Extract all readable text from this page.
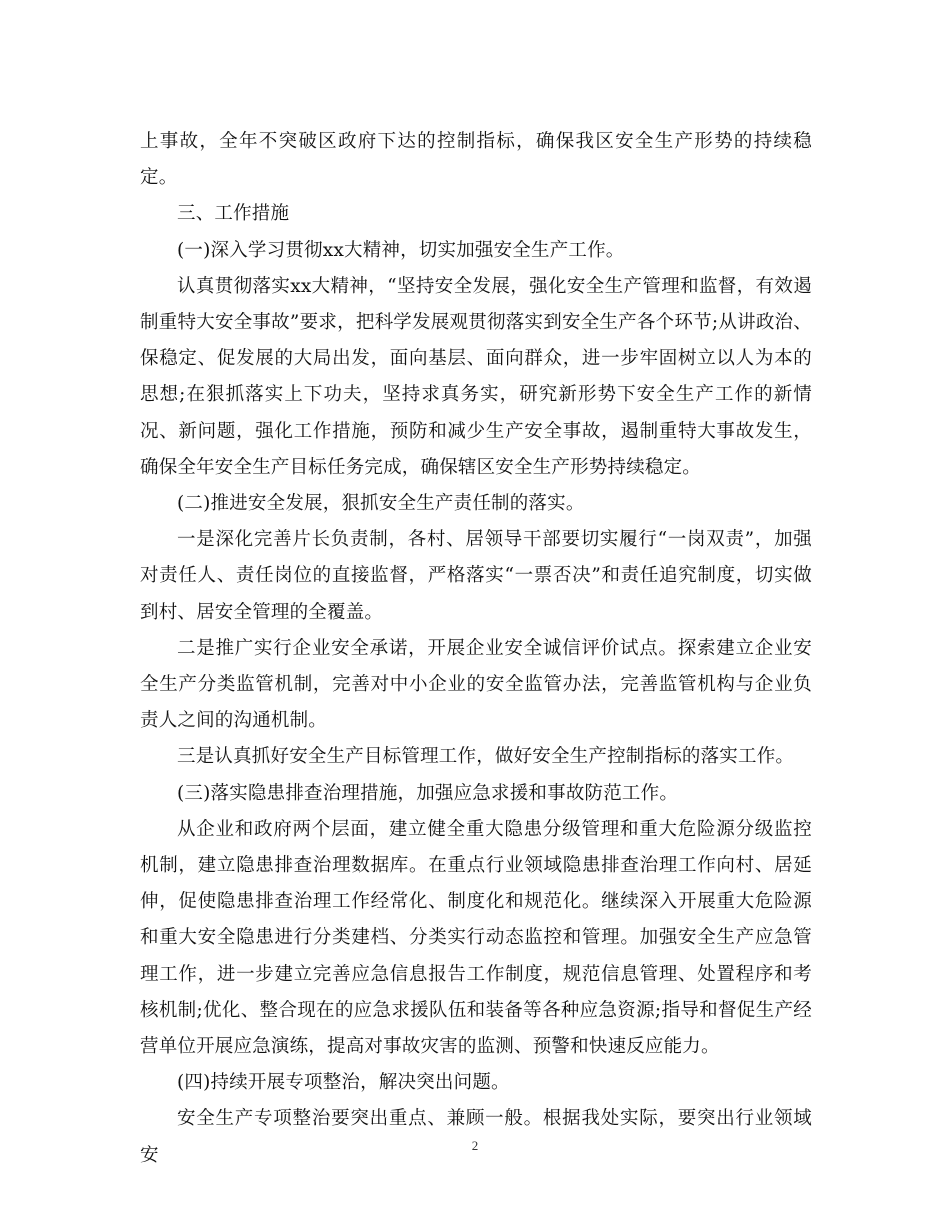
上事故，全年不突破区政府下达的控制指标，确保我区安全生产形势的持续稳定。

三、工作措施

(一)深入学习贯彻xx大精神，切实加强安全生产工作。

认真贯彻落实xx大精神，“坚持安全发展，强化安全生产管理和监督，有效遏制重特大安全事故”要求，把科学发展观贯彻落实到安全生产各个环节;从讲政治、保稳定、促发展的大局出发，面向基层、面向群众，进一步牢固树立以人为本的思想;在狠抓落实上下功夫，坚持求真务实，研究新形势下安全生产工作的新情况、新问题，强化工作措施，预防和减少生产安全事故，遏制重特大事故发生，确保全年安全生产目标任务完成，确保辖区安全生产形势持续稳定。

(二)推进安全发展，狠抓安全生产责任制的落实。

一是深化完善片长负责制，各村、居领导干部要切实履行“一岗双责”，加强对责任人、责任岗位的直接监督，严格落实“一票否决”和责任追究制度，切实做到村、居安全管理的全覆盖。

二是推广实行企业安全承诺，开展企业安全诚信评价试点。探索建立企业安全生产分类监管机制，完善对中小企业的安全监管办法，完善监管机构与企业负责人之间的沟通机制。

三是认真抓好安全生产目标管理工作，做好安全生产控制指标的落实工作。

(三)落实隐患排查治理措施，加强应急求援和事故防范工作。

从企业和政府两个层面，建立健全重大隐患分级管理和重大危险源分级监控机制，建立隐患排查治理数据库。在重点行业领域隐患排查治理工作向村、居延伸，促使隐患排查治理工作经常化、制度化和规范化。继续深入开展重大危险源和重大安全隐患进行分类建档、分类实行动态监控和管理。加强安全生产应急管理工作，进一步建立完善应急信息报告工作制度，规范信息管理、处置程序和考核机制;优化、整合现在的应急求援队伍和装备等各种应急资源;指导和督促生产经营单位开展应急演练，提高对事故灾害的监测、预警和快速反应能力。

(四)持续开展专项整治，解决突出问题。

安全生产专项整治要突出重点、兼顾一般。根据我处实际，要突出行业领域安	2
